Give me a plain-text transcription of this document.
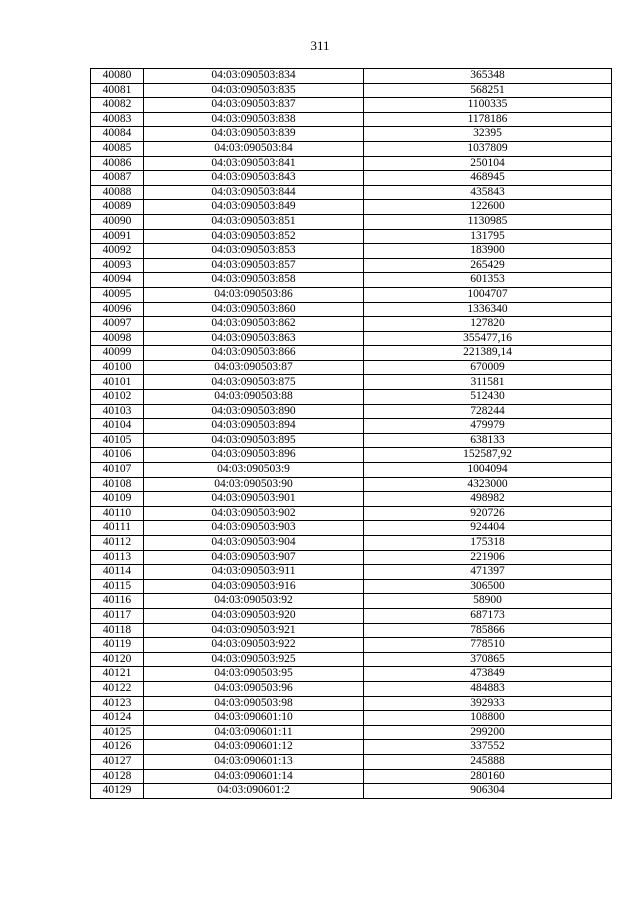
311
40080	04:03:090503:834	365348
40081	04:03:090503:835	568251
40082	04:03:090503:837	1100335
40083	04:03:090503:838	1178186
40084	04:03:090503:839	32395
40085	04:03:090503:84	1037809
40086	04:03:090503:841	250104
40087	04:03:090503:843	468945
40088	04:03:090503:844	435843
40089	04:03:090503:849	122600
40090	04:03:090503:851	1130985
40091	04:03:090503:852	131795
40092	04:03:090503:853	183900
40093	04:03:090503:857	265429
40094	04:03:090503:858	601353
40095	04:03:090503:86	1004707
40096	04:03:090503:860	1336340
40097	04:03:090503:862	127820
40098	04:03:090503:863	355477,16
40099	04:03:090503:866	221389,14
40100	04:03:090503:87	670009
40101	04:03:090503:875	311581
40102	04:03:090503:88	512430
40103	04:03:090503:890	728244
40104	04:03:090503:894	479979
40105	04:03:090503:895	638133
40106	04:03:090503:896	152587,92
40107	04:03:090503:9	1004094
40108	04:03:090503:90	4323000
40109	04:03:090503:901	498982
40110	04:03:090503:902	920726
40111	04:03:090503:903	924404
40112	04:03:090503:904	175318
40113	04:03:090503:907	221906
40114	04:03:090503:911	471397
40115	04:03:090503:916	306500
40116	04:03:090503:92	58900
40117	04:03:090503:920	687173
40118	04:03:090503:921	785866
40119	04:03:090503:922	778510
40120	04:03:090503:925	370865
40121	04:03:090503:95	473849
40122	04:03:090503:96	484883
40123	04:03:090503:98	392933
40124	04:03:090601:10	108800
40125	04:03:090601:11	299200
40126	04:03:090601:12	337552
40127	04:03:090601:13	245888
40128	04:03:090601:14	280160
40129	04:03:090601:2	906304
